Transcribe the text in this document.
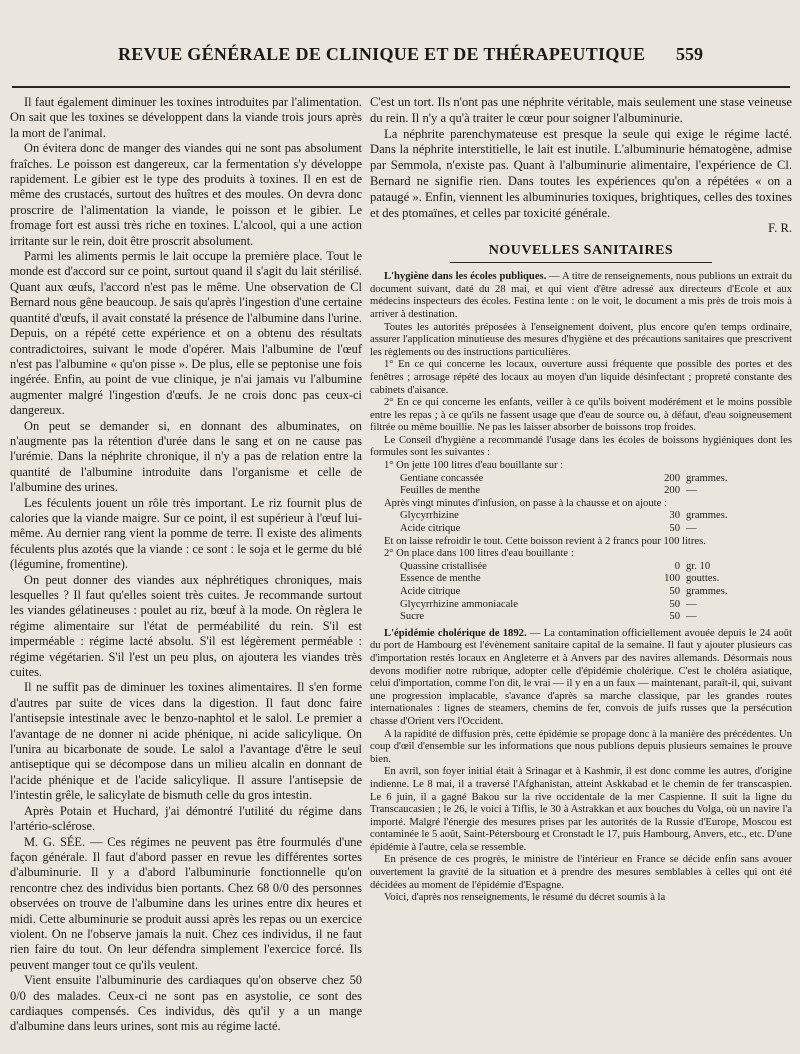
REVUE GÉNÉRALE DE CLINIQUE ET DE THÉRAPEUTIQUE 559

Il faut également diminuer les toxines introduites par l'alimentation. On sait que les toxines se développent dans la viande trois jours après la mort de l'animal.

On évitera donc de manger des viandes qui ne sont pas absolument fraîches. Le poisson est dangereux, car la fermentation s'y développe rapidement. Le gibier est le type des produits à toxines. Il en est de même des crustacés, surtout des huîtres et des moules. On devra donc proscrire de l'alimentation la viande, le poisson et le gibier. Le fromage fort est aussi très riche en toxines. L'alcool, qui a une action irritante sur le rein, doit être proscrit absolument.

Parmi les aliments permis le lait occupe la première place. Tout le monde est d'accord sur ce point, surtout quand il s'agit du lait stérilisé. Quant aux œufs, l'accord n'est pas le même. Une observation de Cl Bernard nous gêne beaucoup. Je sais qu'après l'ingestion d'une certaine quantité d'œufs, il avait constaté la présence de l'albumine dans l'urine. Depuis, on a répété cette expérience et on a obtenu des résultats contradictoires, suivant le mode d'opérer. Mais l'albumine de l'œuf n'est pas l'albumine « qu'on pisse ». De plus, elle se peptonise une fois ingérée. Enfin, au point de vue clinique, je n'ai jamais vu l'albumine augmenter malgré l'ingestion d'œufs. Je ne crois donc pas ceux-ci dangereux.

On peut se demander si, en donnant des albuminates, on n'augmente pas la rétention d'urée dans le sang et on ne cause pas l'urémie. Dans la néphrite chronique, il n'y a pas de relation entre la quantité de l'albumine introduite dans l'organisme et celle de l'albumine des urines.

Les féculents jouent un rôle très important. Le riz fournit plus de calories que la viande maigre. Sur ce point, il est supérieur à l'œuf lui-même. Au dernier rang vient la pomme de terre. Il existe des aliments féculents plus azotés que la viande : ce sont : le soja et le germe du blé (légumine, fromentine).

On peut donner des viandes aux néphrétiques chroniques, mais lesquelles ? Il faut qu'elles soient très cuites. Je recommande surtout les viandes gélatineuses : poulet au riz, bœuf à la mode. On règlera le régime alimentaire sur l'état de perméabilité du rein. S'il est imperméable : régime lacté absolu. S'il est légèrement perméable : régime végétarien. S'il l'est un peu plus, on ajoutera les viandes très cuites.

Il ne suffit pas de diminuer les toxines alimentaires. Il s'en forme d'autres par suite de vices dans la digestion. Il faut donc faire l'antisepsie intestinale avec le benzo-naphtol et le salol. Le premier a l'avantage de ne donner ni acide phénique, ni acide salicylique. On l'unira au bicarbonate de soude. Le salol a l'avantage d'être le seul antiseptique qui se décompose dans un milieu alcalin en donnant de l'acide phénique et de l'acide salicylique. Il assure l'antisepsie de l'intestin grêle, le salicylate de bismuth celle du gros intestin.

Après Potain et Huchard, j'ai démontré l'utilité du régime dans l'artério-sclérose.

M. G. SÉE. — Ces régimes ne peuvent pas être fourmulés d'une façon générale. Il faut d'abord passer en revue les différentes sortes d'albuminurie. Il y a d'abord l'albuminurie fonctionnelle qu'on rencontre chez des individus bien portants. Chez 68 0/0 des personnes observées on trouve de l'albumine dans les urines entre dix heures et midi. Cette albuminurie se produit aussi après les repas ou un exercice violent. On ne l'observe jamais la nuit. Chez ces individus, il ne faut rien faire du tout. On leur défendra simplement l'exercice forcé. Ils peuvent manger tout ce qu'ils veulent.

Vient ensuite l'albuminurie des cardiaques qu'on observe chez 50 0/0 des malades. Ceux-ci ne sont pas en asystolie, ce sont des cardiaques compensés. Ces individus, dès qu'il y a un mange d'albumine dans leurs urines, sont mis au régime lacté.

C'est un tort. Ils n'ont pas une néphrite véritable, mais seulement une stase veineuse du rein. Il n'y a qu'à traiter le cœur pour soigner l'albuminurie.

La néphrite parenchymateuse est presque la seule qui exige le régime lacté. Dans la néphrite interstitielle, le lait est inutile. L'albuminurie hématogène, admise par Semmola, n'existe pas. Quant à l'albuminurie alimentaire, l'expérience de Cl. Bernard ne signifie rien. Dans toutes les expériences qu'on a répétées « on a pataugé ». Enfin, viennent les albuminuries toxiques, brightiques, celles des toxines et des ptomaïnes, et celles par toxicité générale.

F. R.

NOUVELLES SANITAIRES

L'hygiène dans les écoles publiques. — A titre de renseignements, nous publions un extrait du document suivant, daté du 28 mai, et qui vient d'être adressé aux directeurs d'Ecole et aux médecins inspecteurs des écoles. Festina lente : on le voit, le document a mis près de trois mois à arriver à destination.

Toutes les autorités préposées à l'enseignement doivent, plus encore qu'en temps ordinaire, assurer l'application minutieuse des mesures d'hygiène et des précautions sanitaires que prescrivent les règlements ou des instructions particulières.

1° En ce qui concerne les locaux, ouverture aussi fréquente que possible des portes et des fenêtres ; arrosage répété des locaux au moyen d'un liquide désinfectant ; propreté constante des cabinets d'aisance.

2° En ce qui concerne les enfants, veiller à ce qu'ils boivent modérément et le moins possible entre les repas ; à ce qu'ils ne fassent usage que d'eau de source ou, à défaut, d'eau soigneusement filtrée ou même bouillie. Ne pas les laisser absorber de boissons trop froides.

Le Conseil d'hygiène a recommandé l'usage dans les écoles de boissons hygiéniques dont les formules sont les suivantes :

1° On jette 100 litres d'eau bouillante sur :

Gentiane concassée	200 grammes.
Feuilles de menthe	200 —

Après vingt minutes d'infusion, on passe à la chausse et on ajoute :

Glycyrrhizine	30 grammes.
Acide citrique	50 —

Et on laisse refroidir le tout. Cette boisson revient à 2 francs pour 100 litres.

2° On place dans 100 litres d'eau bouillante :

Quassine cristallisée	0 gr. 10
Essence de menthe	100 gouttes.
Acide citrique	50 grammes.
Glycyrrhizine ammoniacale	50 —
Sucre	50 —

L'épidémie cholérique de 1892. — La contamination officiellement avouée depuis le 24 août du port de Hambourg est l'évènement sanitaire capital de la semaine. Il faut y ajouter plusieurs cas d'importation restés locaux en Angleterre et à Anvers par des navires allemands. Désormais nous devons modifier notre rubrique, adopter celle d'épidémie cholérique. C'est le choléra asiatique, celui d'importation, comme l'on dit, le vrai — il y en a un faux — maintenant, paraît-il, qui, suivant une progression implacable, s'avance d'après sa marche classique, par les grandes routes internationales : lignes de steamers, chemins de fer, convois de juifs russes que la persécution chasse d'Orient vers l'Occident.

A la rapidité de diffusion près, cette épidémie se propage donc à la manière des précédentes. Un coup d'œil d'ensemble sur les informations que nous publions depuis plusieurs semaines le prouve bien.

En avril, son foyer initial était à Srinagar et à Kashmir, il est donc comme les autres, d'origine indienne. Le 8 mai, il a traversé l'Afghanistan, atteint Askkabad et le chemin de fer transcaspien. Le 6 juin, il a gagné Bakou sur la rive occidentale de la mer Caspienne. Il suit la ligne du Transcaucasien ; le 26, le voici à Tiflis, le 30 à Astrakkan et aux bouches du Volga, où un navire l'a importé. Malgré l'énergie des mesures prises par les autorités de la Russie d'Europe, Moscou est contaminée le 5 août, Saint-Pétersbourg et Cronstadt le 17, puis Hambourg, Anvers, etc., etc. D'une épidémie à l'autre, cela se ressemble.

En présence de ces progrès, le ministre de l'intérieur en France se décide enfin sans avouer ouvertement la gravité de la situation et à prendre des mesures semblables à celles qui ont été décidées au moment de l'épidémie d'Espagne.

Voici, d'après nos renseignements, le résumé du décret soumis à la
